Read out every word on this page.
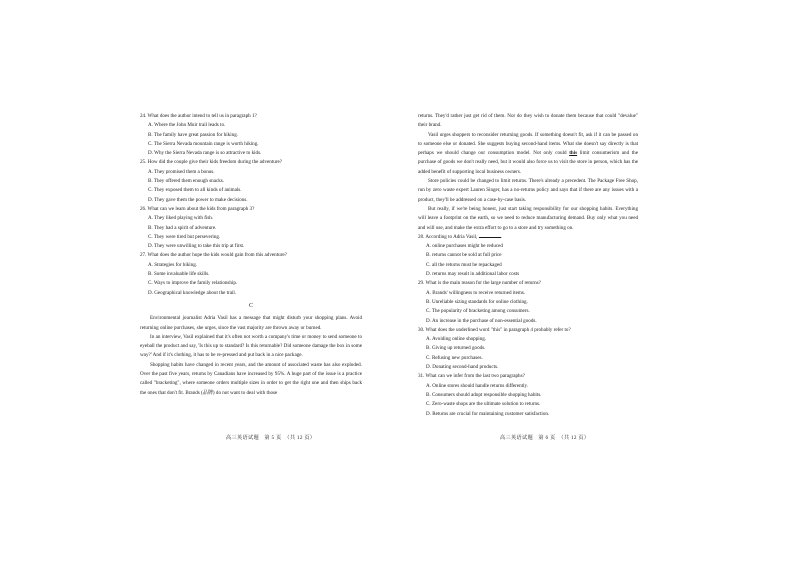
24. What does the author intend to tell us in paragraph 1?

A. Where the John Muir trail leads to.

B. The family have great passion for hiking.

C. The Sierra Nevada mountain range is worth hiking.

D. Why the Sierra Nevada range is so attractive to kids.

25. How did the couple give their kids freedom during the adventure?

A. They promised them a bonus.

B. They offered them enough snacks.

C. They exposed them to all kinds of animals.

D. They gave them the power to make decisions.

26. What can we learn about the kids from paragraph 3?

A. They liked playing with fish.

B. They had a spirit of adventure.

C. They were tired but persevering.

D. They were unwilling to take this trip at first.

27. What does the author hope the kids would gain from this adventure?

A. Strategies for hiking.

B. Some invaluable life skills.

C. Ways to improve the family relationship.

D. Geographical knowledge about the trail.

C

Environmental journalist Adria Vasil has a message that might disturb your shopping plans. Avoid returning online purchases, she urges, since the vast majority are thrown away or burned.

In an interview, Vasil explained that it's often not worth a company's time or money to send someone to eyeball the product and say, 'Is this up to standard? Is this returnable? Did someone damage the box in some way?' And if it's clothing, it has to be re-pressed and put back in a nice package.

Shopping habits have changed in recent years, and the amount of associated waste has also exploded. Over the past five years, returns by Canadians have increased by 95%. A huge part of the issue is a practice called "bracketing", where someone orders multiple sizes in order to get the right one and then ships back the ones that don't fit. Brands (品牌) do not want to deal with those

高三英语试题　第 5 页　（共 12 页）

returns. They'd rather just get rid of them. Nor do they wish to donate them because that could "devalue" their brand.

Vasil urges shoppers to reconsider returning goods. If something doesn't fit, ask if it can be passed on to someone else or donated. She suggests buying second-hand items. What she doesn't say directly is that perhaps we should change our consumption model. Not only could this limit consumerism and the purchase of goods we don't really need, but it would also force us to visit the store in person, which has the added benefit of supporting local business owners.

Store policies could be changed to limit returns. There's already a precedent. The Package Free Shop, run by zero waste expert Lauren Singer, has a no-returns policy and says that if there are any issues with a product, they'll be addressed on a case-by-case basis.

But really, if we're being honest, just start taking responsibility for our shopping habits. Everything will leave a footprint on the earth, so we need to reduce manufacturing demand. Buy only what you need and will use, and make the extra effort to go to a store and try something on.

28. According to Adria Vasil,	.

A. online purchases might be reduced

B. returns cannot be sold at full price

C. all the returns must be repackaged

D. returns may result in additional labor costs

29. What is the main reason for the large number of returns?

A. Brands' willingness to receive returned items.

B. Unreliable sizing standards for online clothing.

C. The popularity of bracketing among consumers.

D. An increase in the purchase of non-essential goods.

30. What does the underlined word "this" in paragraph 4 probably refer to?

A. Avoiding online shopping.

B. Giving up returned goods.

C. Refusing new purchases.

D. Donating second-hand products.

31. What can we infer from the last two paragraphs?

A. Online stores should handle returns differently.

B. Consumers should adopt responsible shopping habits.

C. Zero-waste shops are the ultimate solution to returns.

D. Returns are crucial for maintaining customer satisfaction.

高三英语试题　第 6 页　（共 12 页）
